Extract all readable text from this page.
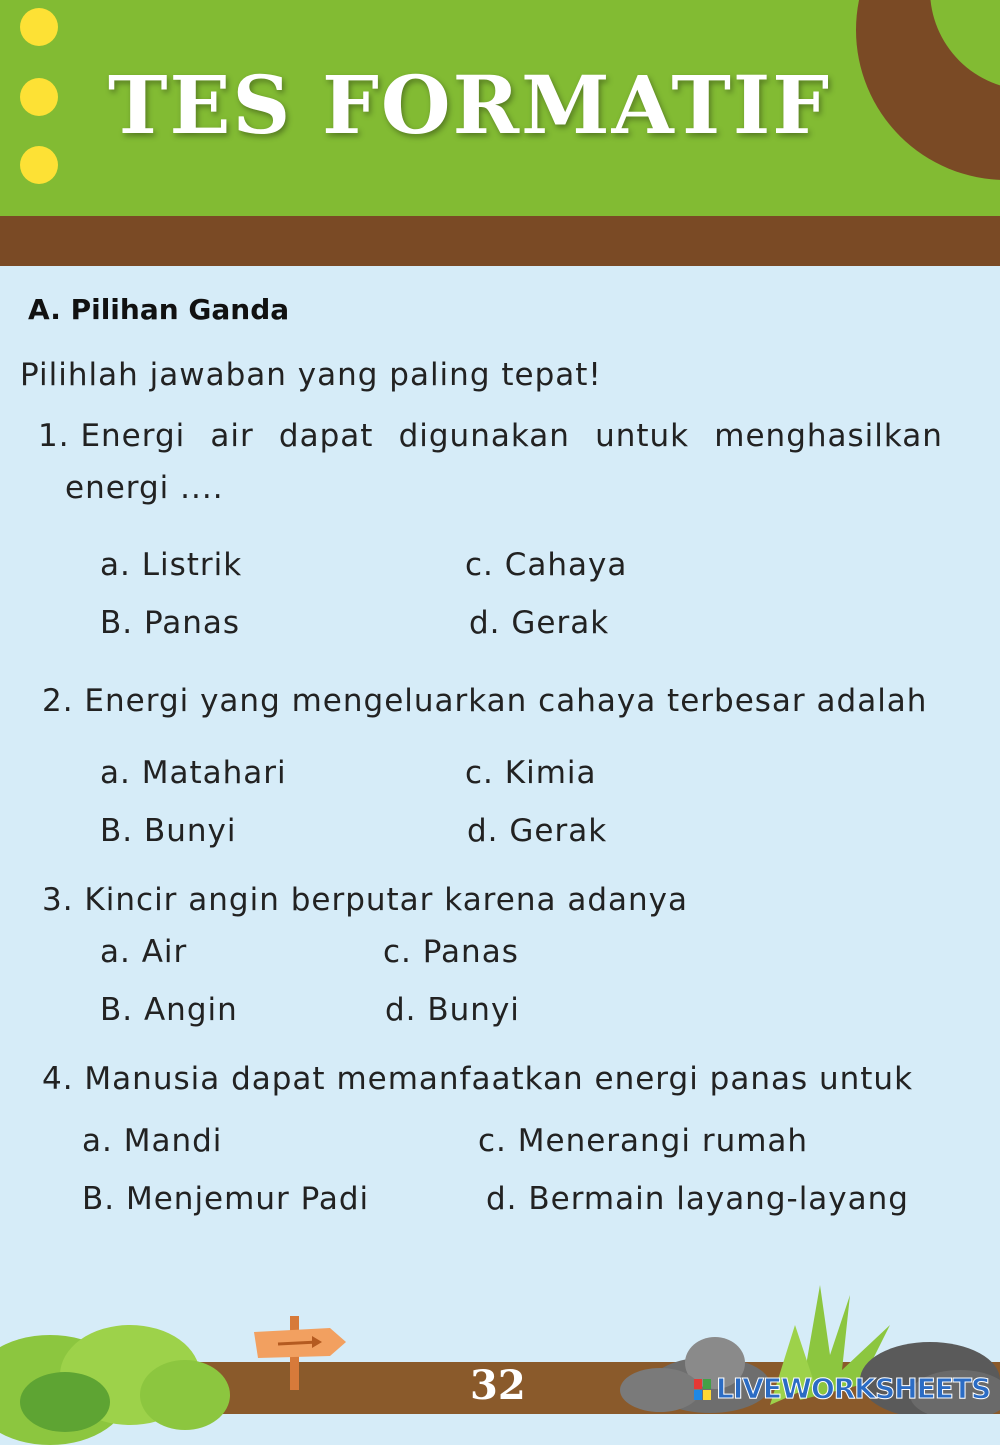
TES FORMATIF
A. Pilihan Ganda
Pilihlah jawaban yang paling tepat!
1. Energi air dapat digunakan untuk menghasilkan
energi ....
a. Listrik	c. Cahaya
B. Panas	d. Gerak
2. Energi yang mengeluarkan cahaya terbesar adalah
a. Matahari	c. Kimia
B. Bunyi	d. Gerak
3. Kincir angin berputar karena adanya
a. Air	c. Panas
B. Angin	d. Bunyi
4. Manusia dapat memanfaatkan energi panas untuk
a. Mandi	c. Menerangi rumah
B. Menjemur Padi	d. Bermain layang-layang
32	LIVEWORKSHEETS
